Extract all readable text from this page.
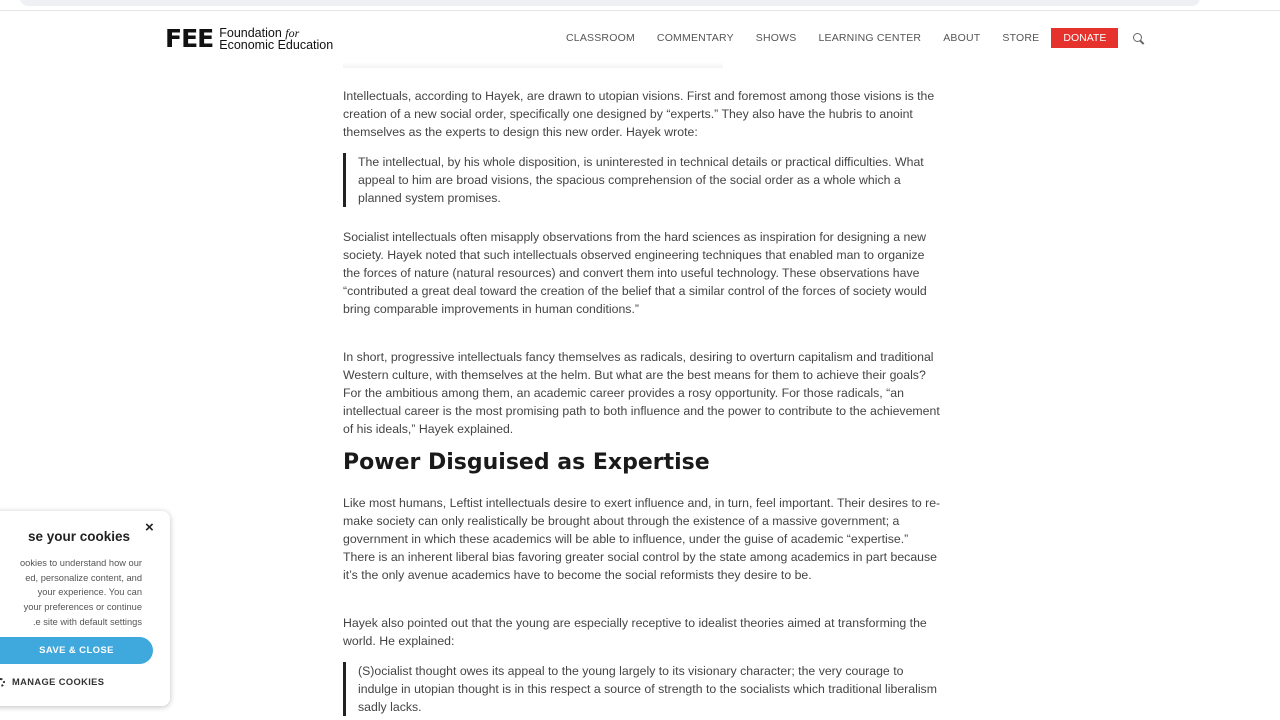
FEE Foundation for
Economic Education	CLASSROOM COMMENTARY SHOWS LEARNING CENTER ABOUT STORE	DONATE

Intellectuals, according to Hayek, are drawn to utopian visions. First and foremost among those visions is the creation of a new social order, specifically one designed by “experts.” They also have the hubris to anoint themselves as the experts to design this new order. Hayek wrote:

The intellectual, by his whole disposition, is uninterested in technical details or practical difficulties. What appeal to him are broad visions, the spacious comprehension of the social order as a whole which a planned system promises.

Socialist intellectuals often misapply observations from the hard sciences as inspiration for designing a new society. Hayek noted that such intellectuals observed engineering techniques that enabled man to organize the forces of nature (natural resources) and convert them into useful technology. These observations have “contributed a great deal toward the creation of the belief that a similar control of the forces of society would bring comparable improvements in human conditions.”

In short, progressive intellectuals fancy themselves as radicals, desiring to overturn capitalism and traditional Western culture, with themselves at the helm. But what are the best means for them to achieve their goals? For the ambitious among them, an academic career provides a rosy opportunity. For those radicals, “an intellectual career is the most promising path to both influence and the power to contribute to the achievement of his ideals,” Hayek explained.

Power Disguised as Expertise

Like most humans, Leftist intellectuals desire to exert influence and, in turn, feel important. Their desires to re-make society can only realistically be brought about through the existence of a massive government; a government in which these academics will be able to influence, under the guise of academic “expertise.” There is an inherent liberal bias favoring greater social control by the state among academics in part because it’s the only avenue academics have to become the social reformists they desire to be.

Hayek also pointed out that the young are especially receptive to idealist theories aimed at transforming the world. He explained:

(S)ocialist thought owes its appeal to the young largely to its visionary character; the very courage to indulge in utopian thought is in this respect a source of strength to the socialists which traditional liberalism sadly lacks.
×
se your cookies
ookies to understand how our
ed, personalize content, and
your experience. You can
your preferences or continue
e site with default settings.
SAVE & CLOSE
MANAGE COOKIES
